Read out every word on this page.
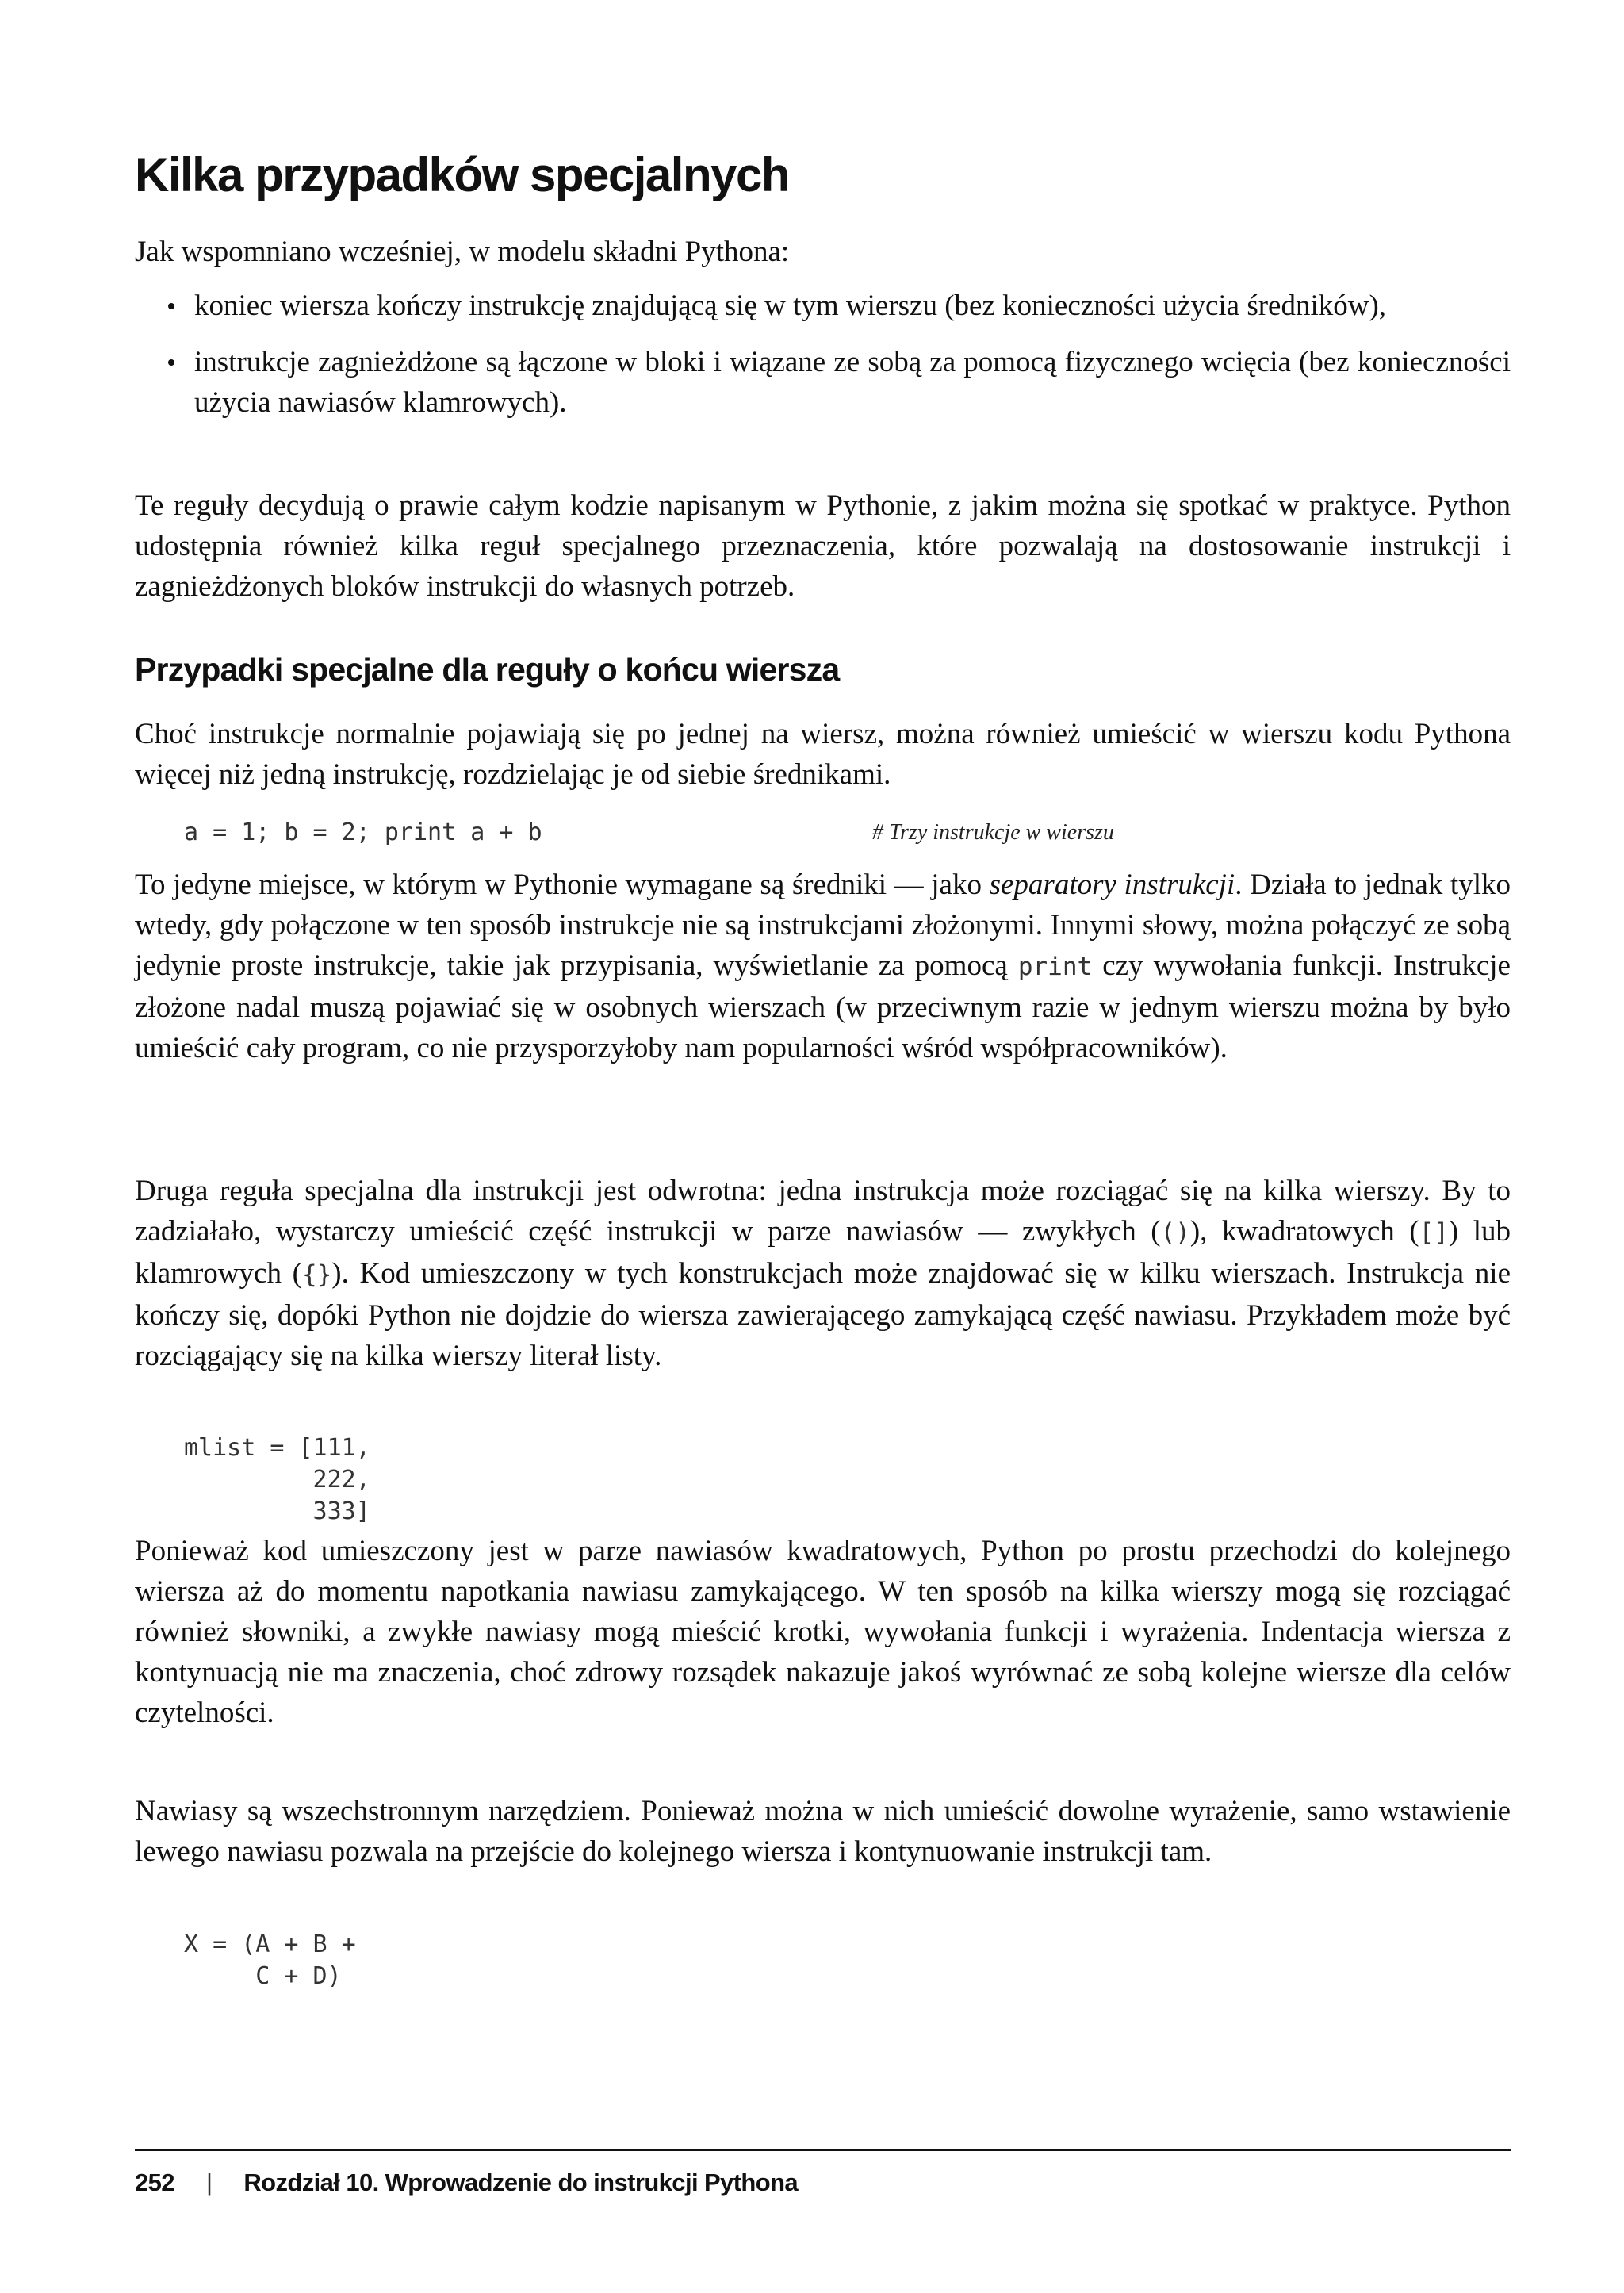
Kilka przypadków specjalnych

Jak wspomniano wcześniej, w modelu składni Pythona:

koniec wiersza kończy instrukcję znajdującą się w tym wierszu (bez konieczności użycia średników),
instrukcje zagnieżdżone są łączone w bloki i wiązane ze sobą za pomocą fizycznego wcięcia (bez konieczności użycia nawiasów klamrowych).

Te reguły decydują o prawie całym kodzie napisanym w Pythonie, z jakim można się spotkać w praktyce. Python udostępnia również kilka reguł specjalnego przeznaczenia, które pozwalają na dostosowanie instrukcji i zagnieżdżonych bloków instrukcji do własnych potrzeb.

Przypadki specjalne dla reguły o końcu wiersza

Choć instrukcje normalnie pojawiają się po jednej na wiersz, można również umieścić w wierszu kodu Pythona więcej niż jedną instrukcję, rozdzielając je od siebie średnikami.

a = 1; b = 2; print a + b	# Trzy instrukcje w wierszu

To jedyne miejsce, w którym w Pythonie wymagane są średniki — jako separatory instrukcji. Działa to jednak tylko wtedy, gdy połączone w ten sposób instrukcje nie są instrukcjami złożonymi. Innymi słowy, można połączyć ze sobą jedynie proste instrukcje, takie jak przypisania, wyświetlanie za pomocą print czy wywołania funkcji. Instrukcje złożone nadal muszą pojawiać się w osobnych wierszach (w przeciwnym razie w jednym wierszu można by było umieścić cały program, co nie przysporzyłoby nam popularności wśród współpracowników).

Druga reguła specjalna dla instrukcji jest odwrotna: jedna instrukcja może rozciągać się na kilka wierszy. By to zadziałało, wystarczy umieścić część instrukcji w parze nawiasów — zwykłych (()), kwadratowych ([]) lub klamrowych ({}). Kod umieszczony w tych konstrukcjach może znajdować się w kilku wierszach. Instrukcja nie kończy się, dopóki Python nie dojdzie do wiersza zawierającego zamykającą część nawiasu. Przykładem może być rozciągający się na kilka wierszy literał listy.

mlist = [111,
222,
333]

Ponieważ kod umieszczony jest w parze nawiasów kwadratowych, Python po prostu przechodzi do kolejnego wiersza aż do momentu napotkania nawiasu zamykającego. W ten sposób na kilka wierszy mogą się rozciągać również słowniki, a zwykłe nawiasy mogą mieścić krotki, wywołania funkcji i wyrażenia. Indentacja wiersza z kontynuacją nie ma znaczenia, choć zdrowy rozsądek nakazuje jakoś wyrównać ze sobą kolejne wiersze dla celów czytelności.

Nawiasy są wszechstronnym narzędziem. Ponieważ można w nich umieścić dowolne wyrażenie, samo wstawienie lewego nawiasu pozwala na przejście do kolejnego wiersza i kontynuowanie instrukcji tam.

X = (A + B +
C + D)
252 | Rozdział 10. Wprowadzenie do instrukcji Pythona
